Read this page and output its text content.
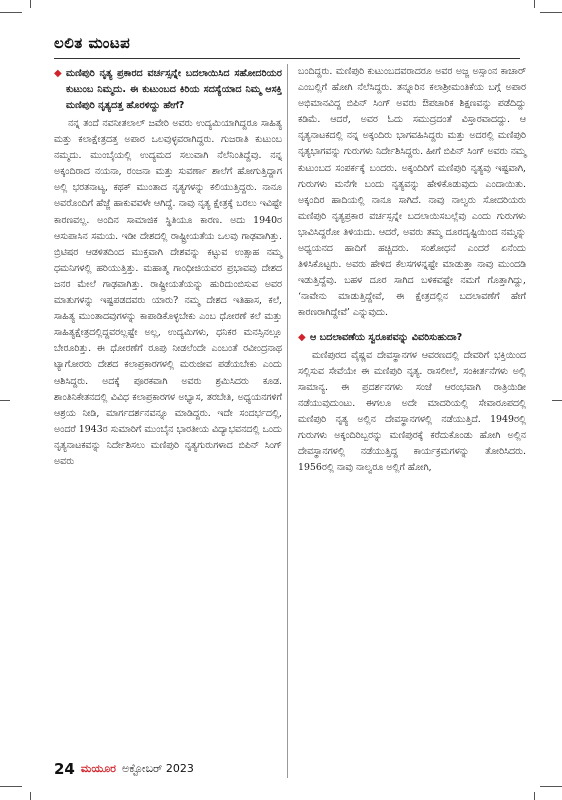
ಲಲಿತ ಮಂಟಪ
◆ ಮಣಿಪುರಿ ನೃತ್ಯ ಪ್ರಕಾರದ ವರ್ಚಸ್ಸನ್ನೇ ಬದಲಾಯಿಸಿದ ಸಹೋದರಿಯರ ಕುಟುಂಬ ನಿಮ್ಮದು. ಈ ಕುಟುಂಬದ ಕಿರಿಯ ಸದಸ್ಯೆಯಾದ ನಿಮ್ಮ ಆಸಕ್ತಿ ಮಣಿಪುರಿ ನೃತ್ಯದತ್ತ ಹೊರಳಿದ್ದು ಹೇಗೆ?

ನನ್ನ ತಂದೆ ನವನೀತಲಾಲ್ ಜವೇರಿ ಅವರು ಉದ್ಯಮಿಯಾಗಿದ್ದರೂ ಸಾಹಿತ್ಯ ಮತ್ತು ಕಲಾಕ್ಷೇತ್ರದತ್ತ ಅಪಾರ ಒಲವುಳ್ಳವರಾಗಿದ್ದರು. ಗುಜರಾತಿ ಕುಟುಂಬ ನಮ್ಮದು. ಮುಂಬೈಯಲ್ಲಿ ಉದ್ಯಮದ ಸಲುವಾಗಿ ನೆಲೆನಿಂತಿದ್ದೆವು. ನನ್ನ ಅಕ್ಕಂದಿರಾದ ನಯನಾ, ರಂಜನಾ ಮತ್ತು ಸುವರ್ಣಾ ಶಾಲೆಗೆ ಹೋಗುತ್ತಿದ್ದಾಗ ಅಲ್ಲಿ ಭರತನಾಟ್ಯ, ಕಥಕ್ ಮುಂತಾದ ನೃತ್ಯಗಳನ್ನು ಕಲಿಯುತ್ತಿದ್ದರು. ನಾನೂ ಅವರೊಂದಿಗೆ ಹೆಜ್ಜೆ ಹಾಕುವವಳೇ ಆಗಿದ್ದೆ. ನಾವು ನೃತ್ಯ ಕ್ಷೇತ್ರಕ್ಕೆ ಬರಲು ಇವಿಷ್ಟೇ ಕಾರಣವಲ್ಲ. ಅಂದಿನ ಸಾಮಾಜಿಕ ಸ್ಥಿತಿಯೂ ಕಾರಣ. ಅದು 1940ರ ಆಸುಪಾಸಿನ ಸಮಯ. ಇಡೀ ದೇಶದಲ್ಲಿ ರಾಷ್ಟ್ರೀಯತೆಯ ಒಲವು ಗಾಢವಾಗಿತ್ತು. ಬ್ರಿಟಿಷರ ಆಡಳಿತದಿಂದ ಮುಕ್ತವಾಗಿ ದೇಶವನ್ನು ಕಟ್ಟುವ ಉತ್ಸಾಹ ನಮ್ಮ ಧಮನಿಗಳಲ್ಲಿ ಹರಿಯುತ್ತಿತ್ತು. ಮಹಾತ್ಮ ಗಾಂಧೀಜಿಯವರ ಪ್ರಭಾವವು ದೇಶದ ಜನರ ಮೇಲೆ ಗಾಢವಾಗಿತ್ತು. ರಾಷ್ಟ್ರೀಯತೆಯನ್ನು ಹುರಿದುಂಬಿಸುವ ಅವರ ಮಾತುಗಳನ್ನು ಇಷ್ಟಪಡದವರು ಯಾರು? ನಮ್ಮ ದೇಶದ ಇತಿಹಾಸ, ಕಲೆ, ಸಾಹಿತ್ಯ ಮುಂತಾದವುಗಳನ್ನು ಕಾಪಾಡಿಕೊಳ್ಳಬೇಕು ಎಂಬ ಧೋರಣೆ ಕಲೆ ಮತ್ತು ಸಾಹಿತ್ಯಕ್ಷೇತ್ರದಲ್ಲಿದ್ದವರಲ್ಲಷ್ಟೇ ಅಲ್ಲ, ಉದ್ಯಮಿಗಳು, ಧನಿಕರ ಮನಸ್ಸಿನಲ್ಲೂ ಬೇರೂರಿತ್ತು. ಈ ಧೋರಣೆಗೆ ರೂಪು ನೀಡಲೆಂದೇ ಎಂಬಂತೆ ರವೀಂದ್ರನಾಥ ಟ್ಯಾಗೋರರು ದೇಶದ ಕಲಾಪ್ರಕಾರಗಳಲ್ಲಿ ಮರುಜೀವ ಪಡೆಯಬೇಕು ಎಂದು ಆಶಿಸಿದ್ದರು. ಅದಕ್ಕೆ ಪೂರಕವಾಗಿ ಅವರು ಶ್ರಮಿಸಿದರು ಕೂಡ. ಶಾಂತಿನಿಕೇತನದಲ್ಲಿ ವಿವಿಧ ಕಲಾಪ್ರಕಾರಗಳ ಅಭ್ಯಾಸ, ತರಬೇತಿ, ಅಧ್ಯಯನಗಳಿಗೆ ಆಶ್ರಯ ನೀಡಿ, ಮಾರ್ಗದರ್ಶನವನ್ನೂ ಮಾಡಿದ್ದರು. ಇದೇ ಸಂದರ್ಭದಲ್ಲಿ, ಅಂದರೆ 1943ರ ಸುಮಾರಿಗೆ ಮುಂಬೈನ ಭಾರತೀಯ ವಿದ್ಯಾಭವನದಲ್ಲಿ ಒಂದು ನೃತ್ಯನಾಟಕವನ್ನು ನಿರ್ದೇಶಿಸಲು ಮಣಿಪುರಿ ನೃತ್ಯಗುರುಗಳಾದ ಬಿಪಿನ್ ಸಿಂಗ್ ಅವರು

ಬಂದಿದ್ದರು. ಮಣಿಪುರಿ ಕುಟುಂಬದವರಾದರೂ ಅವರ ಅಜ್ಜ ಅಸ್ಸಾಂನ ಕಾಚಾರ್ ಎಂಬಲ್ಲಿಗೆ ಹೋಗಿ ನೆಲೆಸಿದ್ದರು. ತನ್ನೂರಿನ ಕಲಾಶ್ರೀಮಂತಿಕೆಯ ಬಗ್ಗೆ ಅಪಾರ ಅಭಿಮಾನವಿದ್ದ ಬಿಪಿನ್ ಸಿಂಗ್ ಅವರು ಔಪಚಾರಿಕ ಶಿಕ್ಷಣವನ್ನು ಪಡೆದಿದ್ದು ಕಡಿಮೆ. ಆದರೆ, ಅವರ ಓದು ಸಮುದ್ರದಂತೆ ವಿಸ್ತಾರವಾದದ್ದು. ಆ ನೃತ್ಯನಾಟಕದಲ್ಲಿ ನನ್ನ ಅಕ್ಕಂದಿರು ಭಾಗವಹಿಸಿದ್ದರು ಮತ್ತು ಅದರಲ್ಲಿ ಮಣಿಪುರಿ ನೃತ್ಯಭಾಗವನ್ನು ಗುರುಗಳು ನಿರ್ದೇಶಿಸಿದ್ದರು. ಹೀಗೆ ಬಿಪಿನ್ ಸಿಂಗ್ ಅವರು ನಮ್ಮ ಕುಟುಂಬದ ಸಂಪರ್ಕಕ್ಕೆ ಬಂದರು. ಅಕ್ಕಂದಿರಿಗೆ ಮಣಿಪುರಿ ನೃತ್ಯವು ಇಷ್ಟವಾಗಿ, ಗುರುಗಳು ಮನೆಗೇ ಬಂದು ನೃತ್ಯವನ್ನು ಹೇಳಿಕೊಡುವುದು ಎಂದಾಯಿತು. ಅಕ್ಕಂದಿರ ಹಾದಿಯಲ್ಲಿ ನಾನೂ ಸಾಗಿದೆ. ನಾವು ನಾಲ್ವರು ಸೋದರಿಯರು ಮಣಿಪುರಿ ನೃತ್ಯಪ್ರಕಾರ ವರ್ಚಸ್ಸನ್ನೇ ಬದಲಾಯಿಸಬಲ್ಲೆವು ಎಂದು ಗುರುಗಳು ಭಾವಿಸಿದ್ದರೋ ತಿಳಿಯದು. ಆದರೆ, ಅವರು ತಮ್ಮ ದೂರದೃಷ್ಟಿಯಿಂದ ನಮ್ಮನ್ನು ಅಧ್ಯಯನದ ಹಾದಿಗೆ ಹಚ್ಚಿದರು. ಸಂಶೋಧನೆ ಎಂದರೆ ಏನೆಂದು ತಿಳಿಸಿಕೊಟ್ಟರು. ಅವರು ಹೇಳಿದ ಕೆಲಸಗಳನ್ನಷ್ಟೇ ಮಾಡುತ್ತಾ ನಾವು ಮುಂದಡಿ ಇಡುತ್ತಿದ್ದೆವು. ಬಹಳ ದೂರ ಸಾಗಿದ ಬಳಿಕವಷ್ಟೇ ನಮಗೆ ಗೊತ್ತಾಗಿದ್ದು, ‘ನಾವೇನು ಮಾಡುತ್ತಿದ್ದೇವೆ, ಈ ಕ್ಷೇತ್ರದಲ್ಲಿನ ಬದಲಾವಣೆಗೆ ಹೇಗೆ ಕಾರಣರಾಗಿದ್ದೇವೆ’ ಎನ್ನುವುದು.

◆ ಆ ಬದಲಾವಣೆಯ ಸ್ವರೂಪವನ್ನು ವಿವರಿಸುಹುದಾ?

ಮಣಿಪುರದ ವೈಷ್ಣವ ದೇವಸ್ಥಾನಗಳ ಆವರಣದಲ್ಲಿ ದೇವರಿಗೆ ಭಕ್ತಿಯಿಂದ ಸಲ್ಲಿಸುವ ಸೇವೆಯೇ ಈ ಮಣಿಪುರಿ ನೃತ್ಯ. ರಾಸಲೀಲೆ, ಸಂಕೀರ್ತನೆಗಳು ಅಲ್ಲಿ ಸಾಮಾನ್ಯ. ಈ ಪ್ರದರ್ಶನಗಳು ಸಂಜೆ ಆರಂಭವಾಗಿ ರಾತ್ರಿಯಿಡೀ ನಡೆಯುವುದುಂಟು. ಈಗಲೂ ಅದೇ ಮಾದರಿಯಲ್ಲಿ ಸೇವಾರೂಪದಲ್ಲಿ ಮಣಿಪುರಿ ನೃತ್ಯ ಅಲ್ಲಿನ ದೇವಸ್ಥಾನಗಳಲ್ಲಿ ನಡೆಯುತ್ತಿದೆ. 1949ರಲ್ಲಿ ಗುರುಗಳು ಅಕ್ಕಂದಿರಿಬ್ಬರನ್ನು ಮಣಿಪುರಕ್ಕೆ ಕರೆದುಕೊಂಡು ಹೋಗಿ ಅಲ್ಲಿನ ದೇವಸ್ಥಾನಗಳಲ್ಲಿ ನಡೆಯುತ್ತಿದ್ದ ಕಾರ್ಯಕ್ರಮಗಳನ್ನು ತೋರಿಸಿದರು. 1956ರಲ್ಲಿ ನಾವು ನಾಲ್ವರೂ ಅಲ್ಲಿಗೆ ಹೋಗಿ,

24 ಮಯೂರ ಅಕ್ಟೋಬರ್ 2023
